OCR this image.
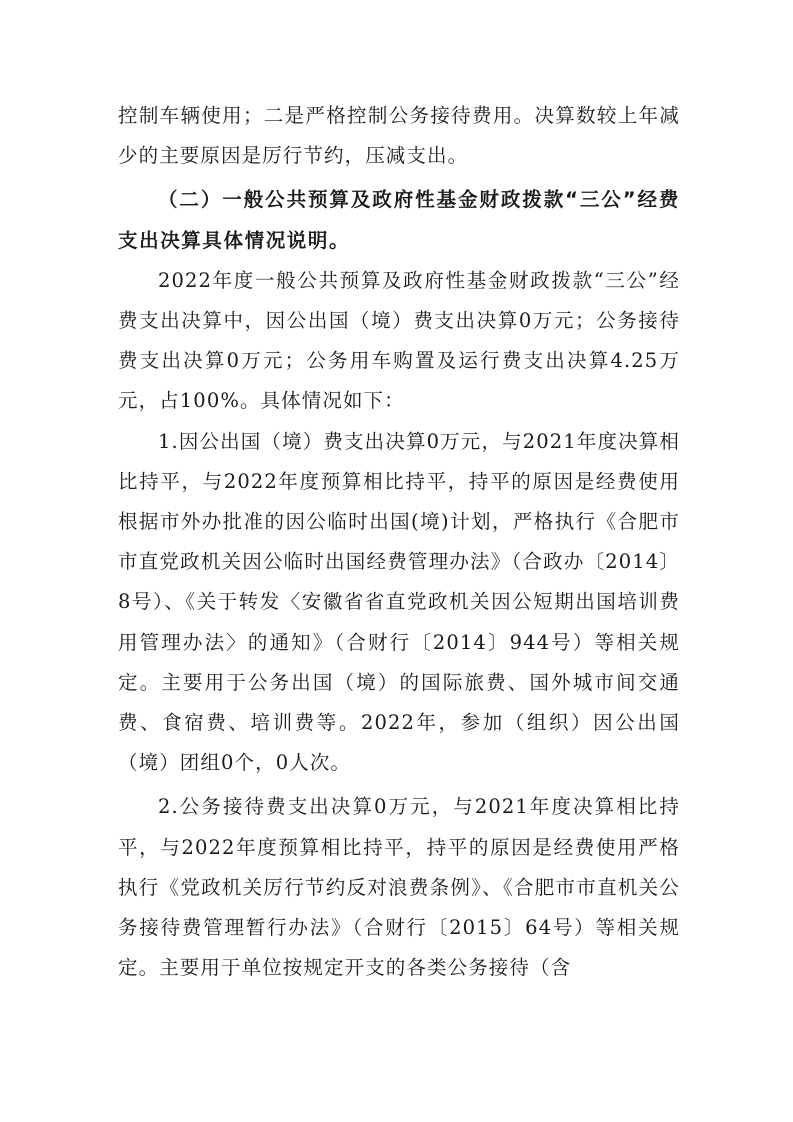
控制车辆使用；二是严格控制公务接待费用。决算数较上年减少的主要原因是厉行节约，压减支出。

（二）一般公共预算及政府性基金财政拨款“三公”经费支出决算具体情况说明。

2022年度一般公共预算及政府性基金财政拨款“三公”经费支出决算中，因公出国（境）费支出决算0万元；公务接待费支出决算0万元；公务用车购置及运行费支出决算4.25万元，占100%。具体情况如下：

1.因公出国（境）费支出决算0万元，与2021年度决算相比持平，与2022年度预算相比持平，持平的原因是经费使用根据市外办批准的因公临时出国(境)计划，严格执行《合肥市市直党政机关因公临时出国经费管理办法》（合政办〔2014〕8号）、《关于转发〈安徽省省直党政机关因公短期出国培训费用管理办法〉的通知》（合财行〔2014〕944号）等相关规定。主要用于公务出国（境）的国际旅费、国外城市间交通费、食宿费、培训费等。2022年，参加（组织）因公出国（境）团组0个，0人次。

2.公务接待费支出决算0万元，与2021年度决算相比持平，与2022年度预算相比持平，持平的原因是经费使用严格执行《党政机关厉行节约反对浪费条例》、《合肥市市直机关公务接待费管理暂行办法》（合财行〔2015〕64号）等相关规定。主要用于单位按规定开支的各类公务接待（含
